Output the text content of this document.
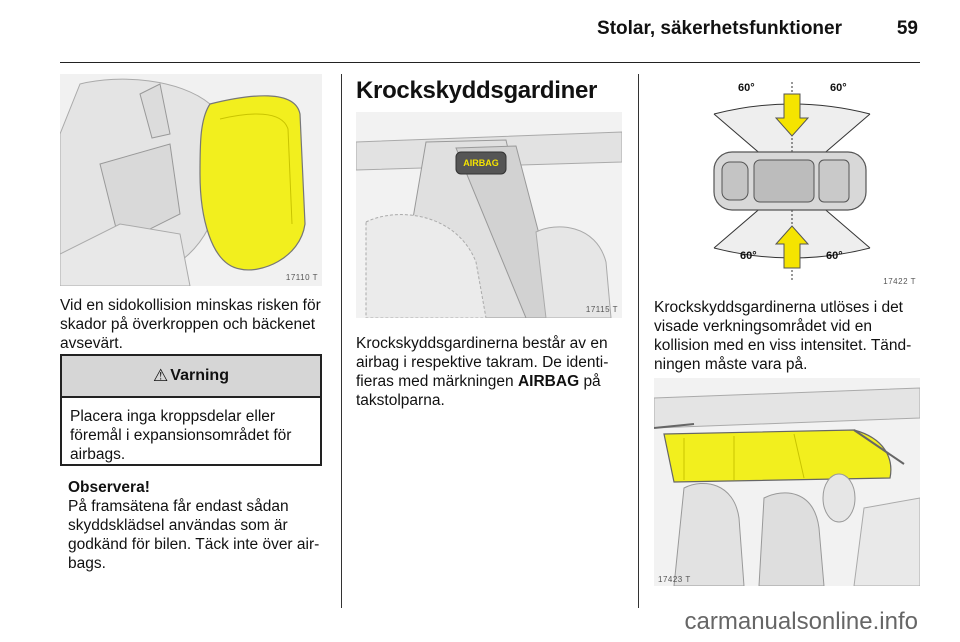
Stolar, säkerhetsfunktioner	59
17110 T
Vid en sidokollision minskas risken för skador på överkroppen och bäckenet avsevärt.
⚠ Varning
Placera inga kroppsdelar eller föremål i expansionsområdet för airbags.
Observera!
På framsätena får endast sådan skyddsklädsel användas som är godkänd för bilen. Täck inte över air-bags.
Krockskyddsgardiner
AIRBAG
17115 T
Krockskyddsgardinerna består av en airbag i respektive takram. De identi-fieras med märkningen AIRBAG på takstolparna.
60°	60°
60°	60°
17422 T
Krockskyddsgardinerna utlöses i det visade verkningsområdet vid en kollision med en viss intensitet. Tänd-ningen måste vara på.
17423 T
carmanualsonline.info
